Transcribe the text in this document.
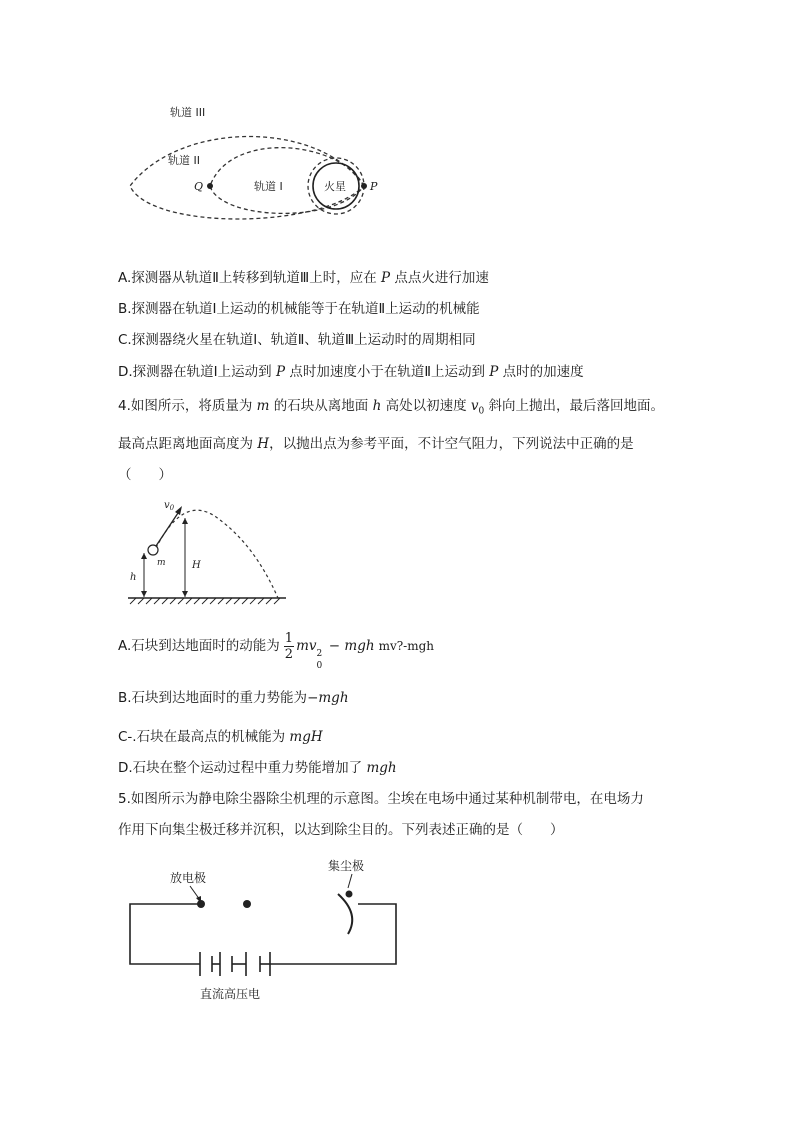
轨道 III
轨道 II
轨道 I	火星
Q	P
A.探测器从轨道Ⅱ上转移到轨道Ⅲ上时，应在 P 点点火进行加速
B.探测器在轨道Ⅰ上运动的机械能等于在轨道Ⅱ上运动的机械能
C.探测器绕火星在轨道Ⅰ、轨道Ⅱ、轨道Ⅲ上运动时的周期相同
D.探测器在轨道Ⅰ上运动到 P 点时加速度小于在轨道Ⅱ上运动到 P 点时的加速度
4.如图所示，将质量为 m 的石块从离地面 h 高处以初速度 $v_0$ 斜向上抛出，最后落回地面。
最高点距离地面高度为 H，以抛出点为参考平面，不计空气阻力，下列说法中正确的是
（　　）
$v_0$
m
h
H
A.石块到达地面时的动能为 $\frac{1}{2}$ mv 2
0
− mgh mv?-mgh
B.石块到达地面时的重力势能为−mgh
C-.石块在最高点的机械能为 mgH
D.石块在整个运动过程中重力势能增加了 mgh
5.如图所示为静电除尘器除尘机理的示意图。尘埃在电场中通过某种机制带电，在电场力
作用下向集尘极迁移并沉积，以达到除尘目的。下列表述正确的是（　　）
放电极
集尘极
直流高压电
